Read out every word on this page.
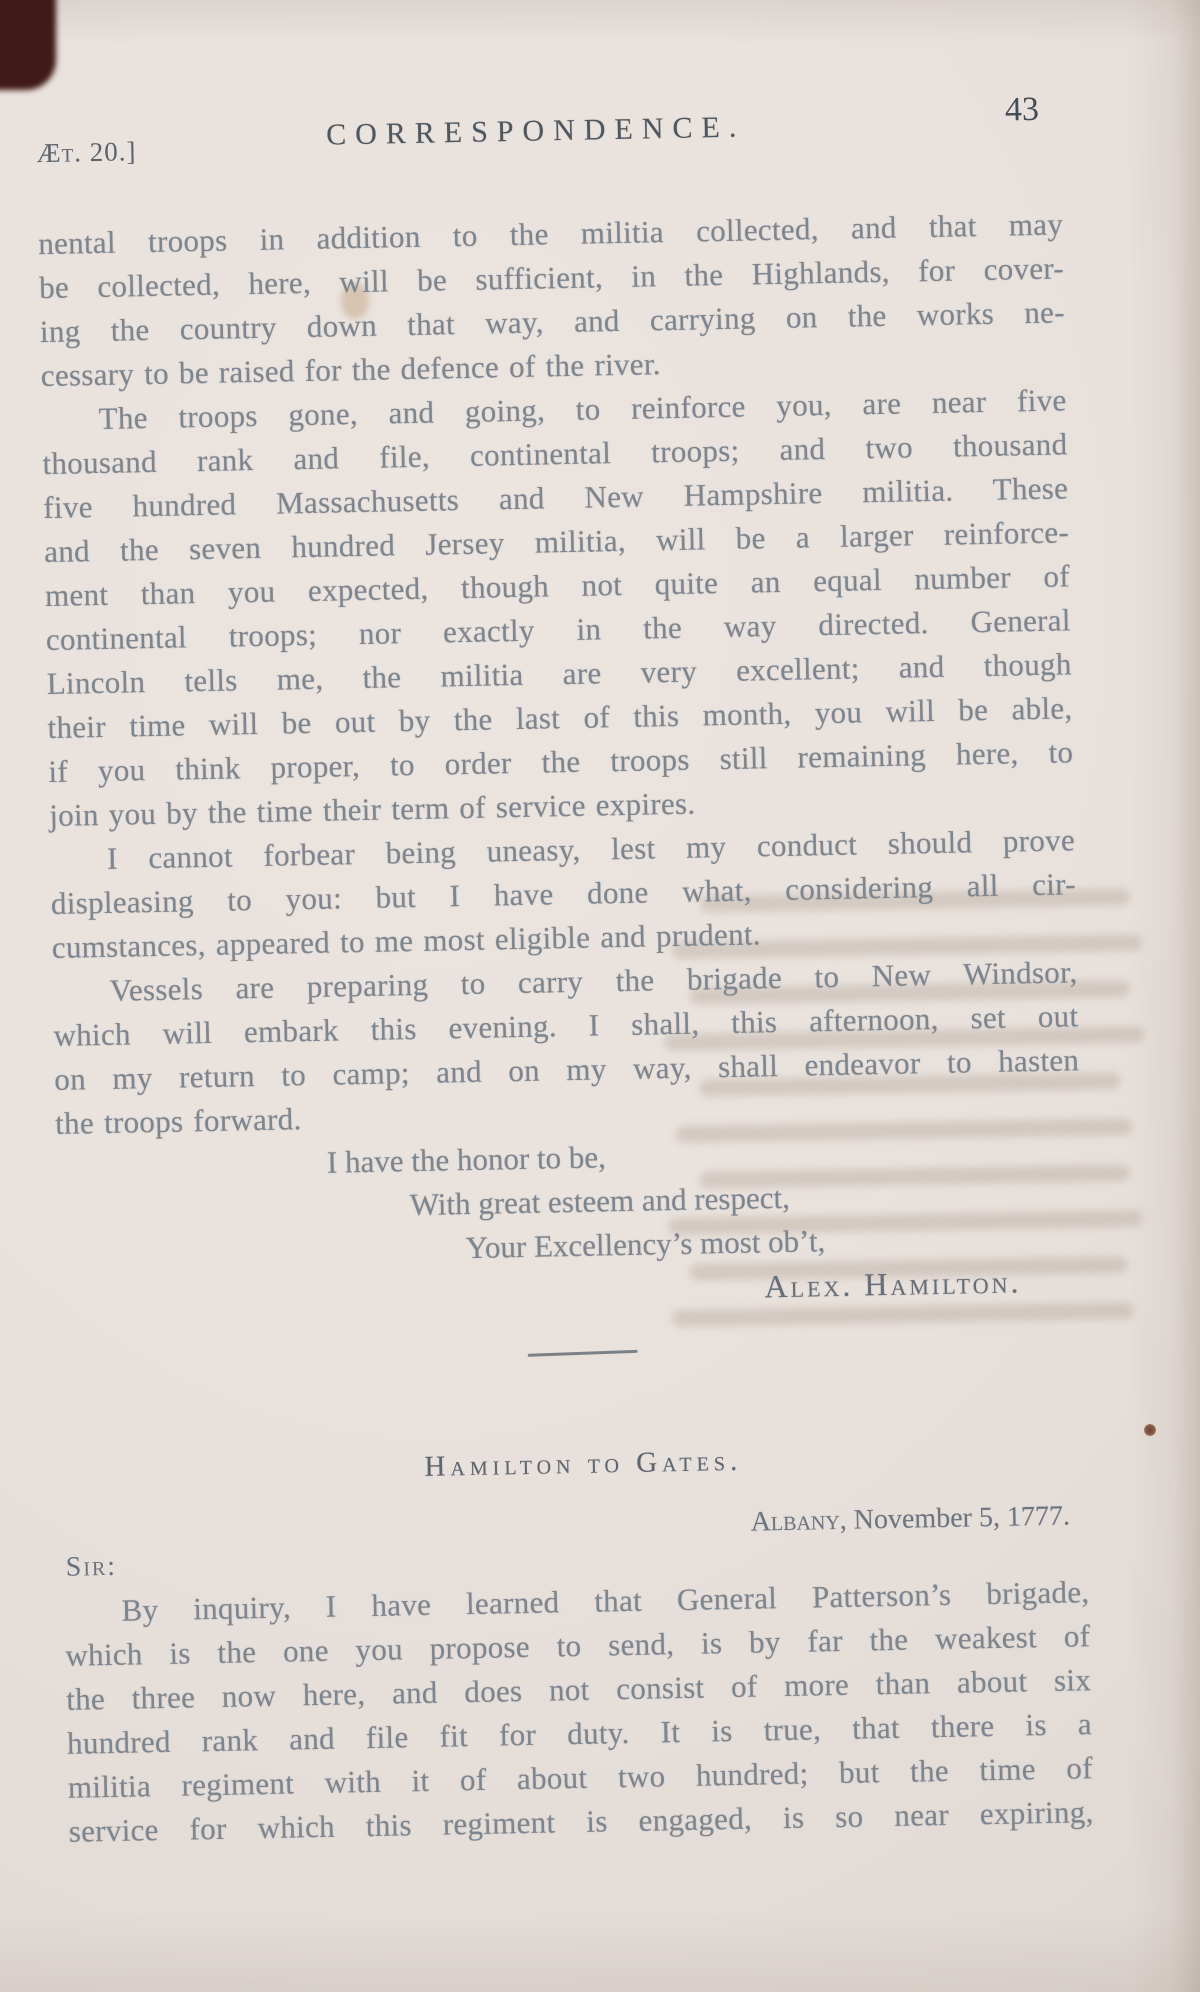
Æt. 20.]
CORRESPONDENCE.
43
nental troops in addition to the militia collected, and that may
be collected, here, will be sufficient, in the Highlands, for cover-
ing the country down that way, and carrying on the works ne-
cessary to be raised for the defence of the river.
The troops gone, and going, to reinforce you, are near five
thousand rank and file, continental troops; and two thousand
five hundred Massachusetts and New Hampshire militia. These
and the seven hundred Jersey militia, will be a larger reinforce-
ment than you expected, though not quite an equal number of
continental troops; nor exactly in the way directed. General
Lincoln tells me, the militia are very excellent; and though
their time will be out by the last of this month, you will be able,
if you think proper, to order the troops still remaining here, to
join you by the time their term of service expires.
I cannot forbear being uneasy, lest my conduct should prove
displeasing to you: but I have done what, considering all cir-
cumstances, appeared to me most eligible and prudent.
Vessels are preparing to carry the brigade to New Windsor,
which will embark this evening. I shall, this afternoon, set out
on my return to camp; and on my way, shall endeavor to hasten
the troops forward.
I have the honor to be,
With great esteem and respect,
Your Excellency’s most ob’t,
Alex. Hamilton.
Hamilton to Gates.
Albany, November 5, 1777.
Sir:
By inquiry, I have learned that General Patterson’s brigade,
which is the one you propose to send, is by far the weakest of
the three now here, and does not consist of more than about six
hundred rank and file fit for duty. It is true, that there is a
militia regiment with it of about two hundred; but the time of
service for which this regiment is engaged, is so near expiring,
